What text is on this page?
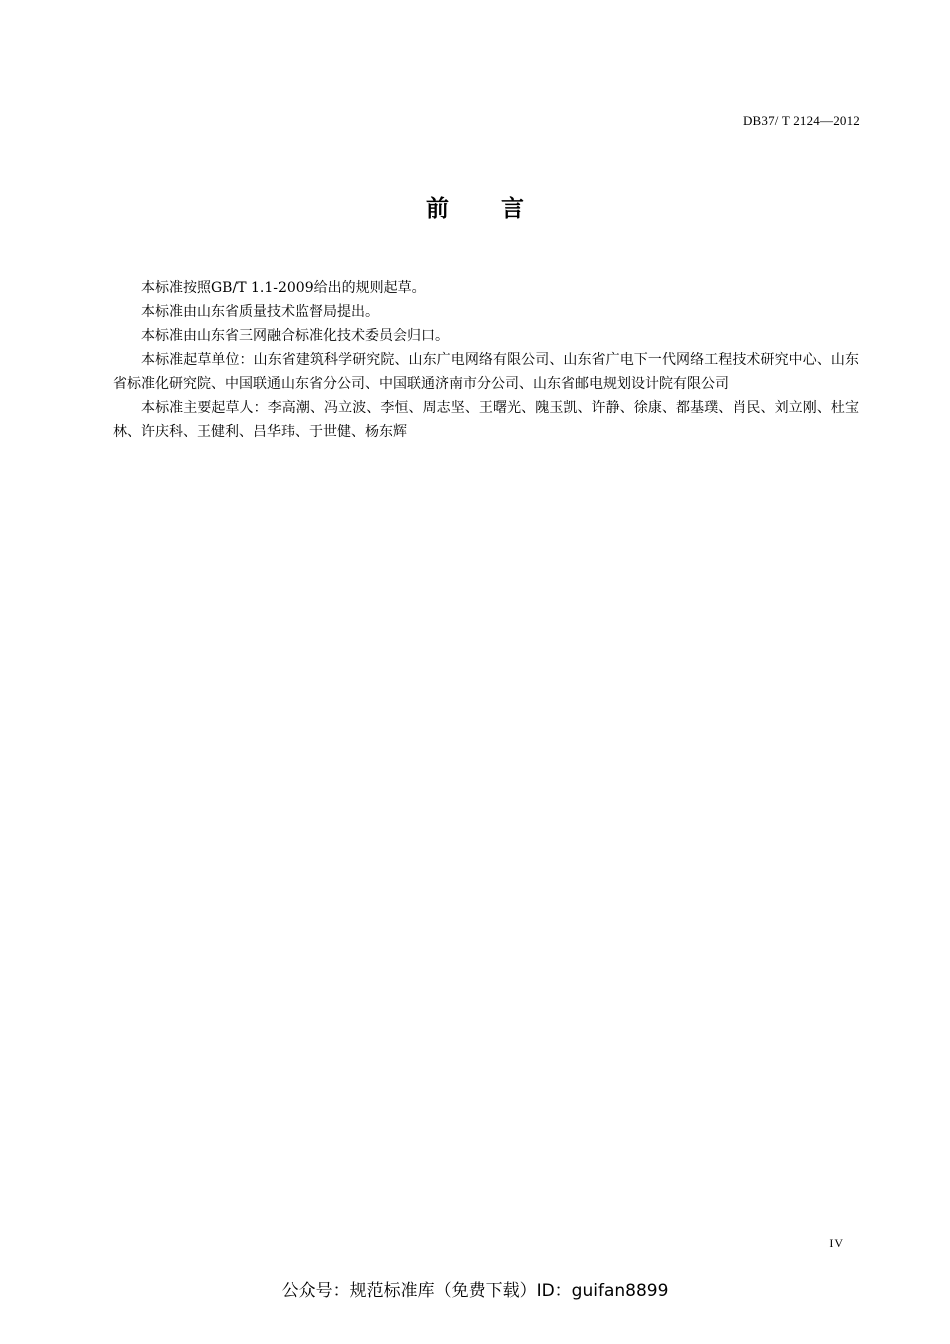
DB37/ T 2124—2012
前言

本标准按照GB/T 1.1-2009给出的规则起草。

本标准由山东省质量技术监督局提出。

本标准由山东省三网融合标准化技术委员会归口。

本标准起草单位：山东省建筑科学研究院、山东广电网络有限公司、山东省广电下一代网络工程技术研究中心、山东省标准化研究院、中国联通山东省分公司、中国联通济南市分公司、山东省邮电规划设计院有限公司

本标准主要起草人：李高潮、冯立波、李恒、周志坚、王曙光、隗玉凯、许静、徐康、都基璞、肖民、刘立刚、杜宝林、许庆科、王健利、吕华玮、于世健、杨东辉

IV
公众号：规范标准库（免费下载）ID：guifan8899
